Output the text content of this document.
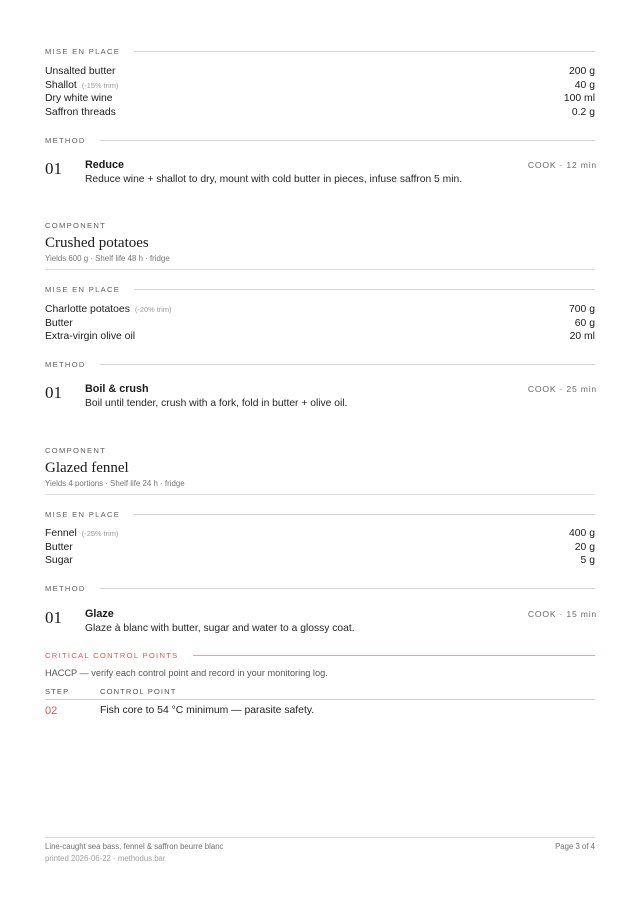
MISE EN PLACE
Unsalted butter	200 g
Shallot (-15% trim)	40 g
Dry white wine	100 ml
Saffron threads	0.2 g
METHOD
01 Reduce
Reduce wine + shallot to dry, mount with cold butter in pieces, infuse saffron 5 min.
COOK · 12 min
COMPONENT
Crushed potatoes
Yields 600 g · Shelf life 48 h · fridge
MISE EN PLACE
Charlotte potatoes (-20% trim)	700 g
Butter	60 g
Extra-virgin olive oil	20 ml
METHOD
01 Boil & crush
Boil until tender, crush with a fork, fold in butter + olive oil.
COOK · 25 min
COMPONENT
Glazed fennel
Yields 4 portions · Shelf life 24 h · fridge
MISE EN PLACE
Fennel (-25% trim)	400 g
Butter	20 g
Sugar	5 g
METHOD
01 Glaze
Glaze à blanc with butter, sugar and water to a glossy coat.
COOK · 15 min
CRITICAL CONTROL POINTS
HACCP — verify each control point and record in your monitoring log.
STEP	CONTROL POINT
02	Fish core to 54 °C minimum — parasite safety.
Line-caught sea bass, fennel & saffron beurre blanc
printed 2026-06-22 · methodus.bar
Page 3 of 4
